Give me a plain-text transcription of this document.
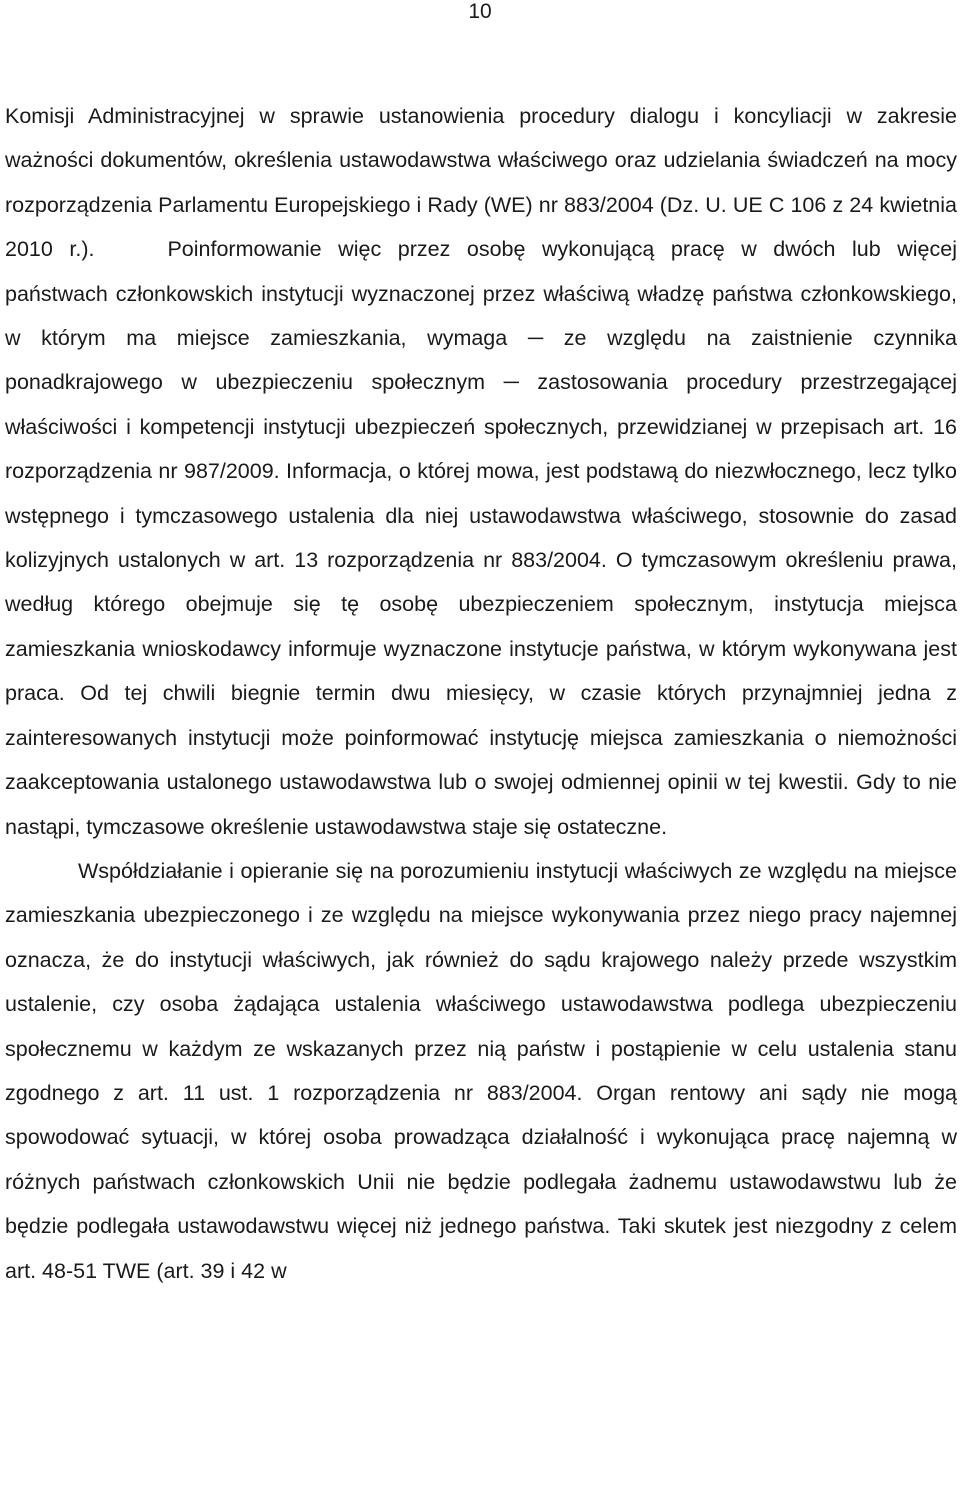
10

Komisji Administracyjnej w sprawie ustanowienia procedury dialogu i koncyliacji w zakresie ważności dokumentów, określenia ustawodawstwa właściwego oraz udzielania świadczeń na mocy rozporządzenia Parlamentu Europejskiego i Rady (WE) nr 883/2004 (Dz. U. UE C 106 z 24 kwietnia 2010 r.).	Poinformowanie więc przez osobę wykonującą pracę w dwóch lub więcej państwach członkowskich instytucji wyznaczonej przez właściwą władzę państwa członkowskiego, w którym ma miejsce zamieszkania, wymaga ─ ze względu na zaistnienie czynnika ponadkrajowego w ubezpieczeniu społecznym ─ zastosowania procedury przestrzegającej właściwości i kompetencji instytucji ubezpieczeń społecznych, przewidzianej w przepisach art. 16 rozporządzenia nr 987/2009. Informacja, o której mowa, jest podstawą do niezwłocznego, lecz tylko wstępnego i tymczasowego ustalenia dla niej ustawodawstwa właściwego, stosownie do zasad kolizyjnych ustalonych w art. 13 rozporządzenia nr 883/2004. O tymczasowym określeniu prawa, według którego obejmuje się tę osobę ubezpieczeniem społecznym, instytucja miejsca zamieszkania wnioskodawcy informuje wyznaczone instytucje państwa, w którym wykonywana jest praca. Od tej chwili biegnie termin dwu miesięcy, w czasie których przynajmniej jedna z zainteresowanych instytucji może poinformować instytucję miejsca zamieszkania o niemożności zaakceptowania ustalonego ustawodawstwa lub o swojej odmiennej opinii w tej kwestii. Gdy to nie nastąpi, tymczasowe określenie ustawodawstwa staje się ostateczne.

Współdziałanie i opieranie się na porozumieniu instytucji właściwych ze względu na miejsce zamieszkania ubezpieczonego i ze względu na miejsce wykonywania przez niego pracy najemnej oznacza, że do instytucji właściwych, jak również do sądu krajowego należy przede wszystkim ustalenie, czy osoba żądająca ustalenia właściwego ustawodawstwa podlega ubezpieczeniu społecznemu w każdym ze wskazanych przez nią państw i postąpienie w celu ustalenia stanu zgodnego z art. 11 ust. 1 rozporządzenia nr 883/2004. Organ rentowy ani sądy nie mogą spowodować sytuacji, w której osoba prowadząca działalność i wykonująca pracę najemną w różnych państwach członkowskich Unii nie będzie podlegała żadnemu ustawodawstwu lub że będzie podlegała ustawodawstwu więcej niż jednego państwa. Taki skutek jest niezgodny z celem art. 48-51 TWE (art. 39 i 42 w
